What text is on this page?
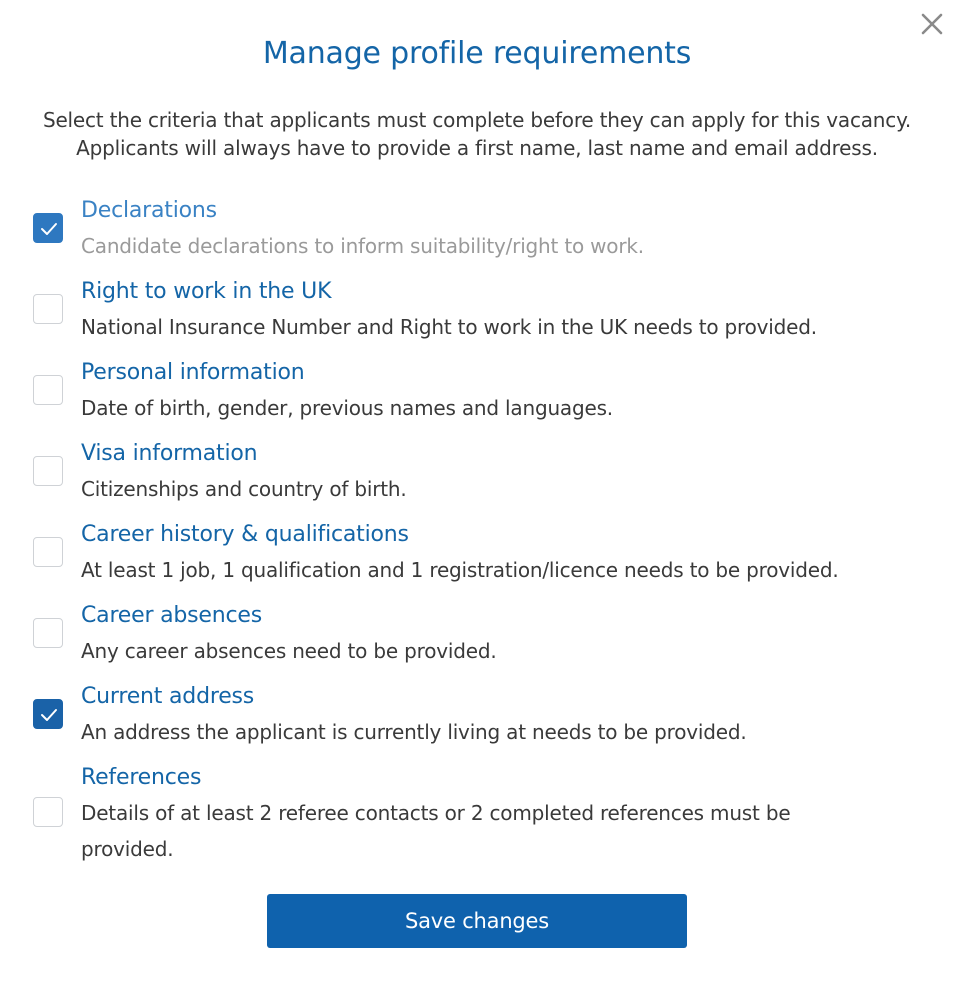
Manage profile requirements
Select the criteria that applicants must complete before they can apply for this vacancy.
Applicants will always have to provide a first name, last name and email address.
Declarations
Candidate declarations to inform suitability/right to work.
Right to work in the UK
National Insurance Number and Right to work in the UK needs to provided.
Personal information
Date of birth, gender, previous names and languages.
Visa information
Citizenships and country of birth.
Career history & qualifications
At least 1 job, 1 qualification and 1 registration/licence needs to be provided.
Career absences
Any career absences need to be provided.
Current address
An address the applicant is currently living at needs to be provided.
References
Details of at least 2 referee contacts or 2 completed references must be provided.
Save changes
